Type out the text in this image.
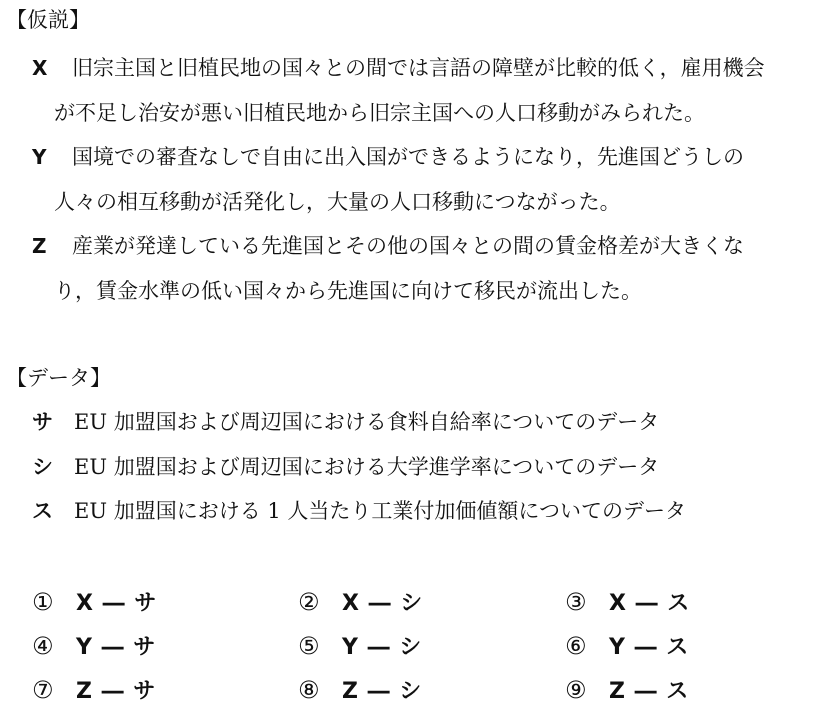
【仮説】
X 旧宗主国と旧植民地の国々との間では言語の障壁が比較的低く，雇用機会
が不足し治安が悪い旧植民地から旧宗主国への人口移動がみられた。
Y 国境での審査なしで自由に出入国ができるようになり，先進国どうしの
人々の相互移動が活発化し，大量の人口移動につながった。
Z 産業が発達している先進国とその他の国々との間の賃金格差が大きくな
り，賃金水準の低い国々から先進国に向けて移民が流出した。
【データ】
サ EU 加盟国および周辺国における食料自給率についてのデータ
シ EU 加盟国および周辺国における大学進学率についてのデータ
ス EU 加盟国における 1 人当たり工業付加価値額についてのデータ
① X ― サ	② X ― シ	③ X ― ス
④ Y ― サ	⑤ Y ― シ	⑥ Y ― ス
⑦ Z ― サ	⑧ Z ― シ	⑨ Z ― ス
